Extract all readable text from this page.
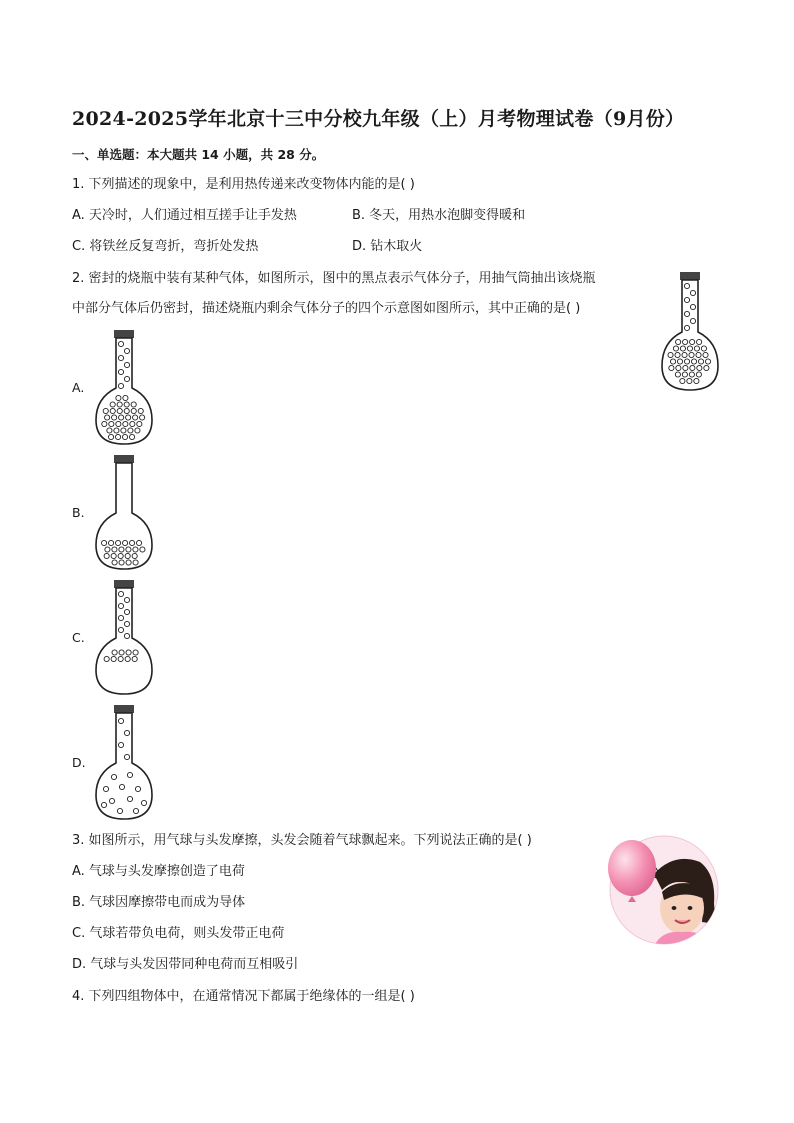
2024-2025学年北京十三中分校九年级（上）月考物理试卷（9月份）
一、单选题：本大题共 14 小题，共 28 分。
1. 下列描述的现象中，是利用热传递来改变物体内能的是( )
A. 天冷时，人们通过相互搓手让手发热	B. 冬天，用热水泡脚变得暖和
C. 将铁丝反复弯折，弯折处发热	D. 钻木取火
2. 密封的烧瓶中装有某种气体，如图所示，图中的黑点表示气体分子，用抽气筒抽出该烧瓶
中部分气体后仍密封，描述烧瓶内剩余气体分子的四个示意图如图所示，其中正确的是( )
A.
B.
C.
D.
3. 如图所示，用气球与头发摩擦，头发会随着气球飘起来。下列说法正确的是( )
A. 气球与头发摩擦创造了电荷
B. 气球因摩擦带电而成为导体
C. 气球若带负电荷，则头发带正电荷
D. 气球与头发因带同种电荷而互相吸引
4. 下列四组物体中，在通常情况下都属于绝缘体的一组是( )
